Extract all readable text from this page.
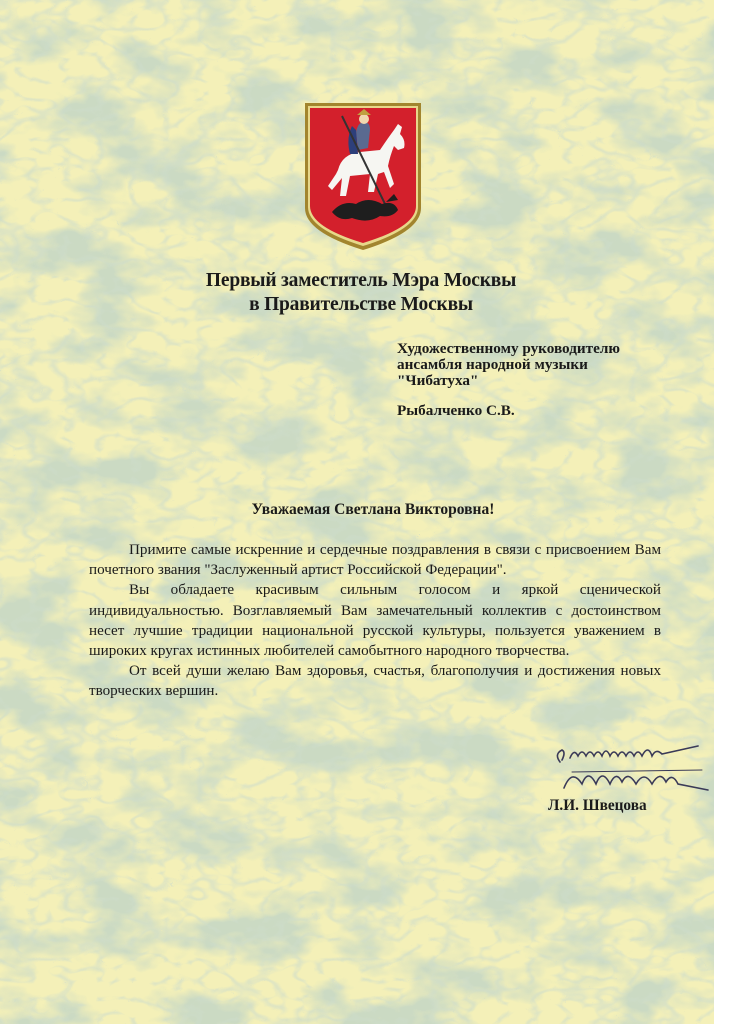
Первый заместитель Мэра Москвы
в Правительстве Москвы
Художественному руководителю
ансамбля народной музыки
"Чибатуха"
Рыбалченко С.В.
Уважаемая Светлана Викторовна!

Примите самые искренние и сердечные поздравления в связи с присвоением Вам почетного звания "Заслуженный артист Российской Федерации".

Вы обладаете красивым сильным голосом и яркой сценической индивидуальностью. Возглавляемый Вам замечательный коллектив с достоинством несет лучшие традиции национальной русской культуры, пользуется уважением в широких кругах истинных любителей самобытного народного творчества.

От всей души желаю Вам здоровья, счастья, благополучия и достижения новых творческих вершин.

Л.И. Швецова
